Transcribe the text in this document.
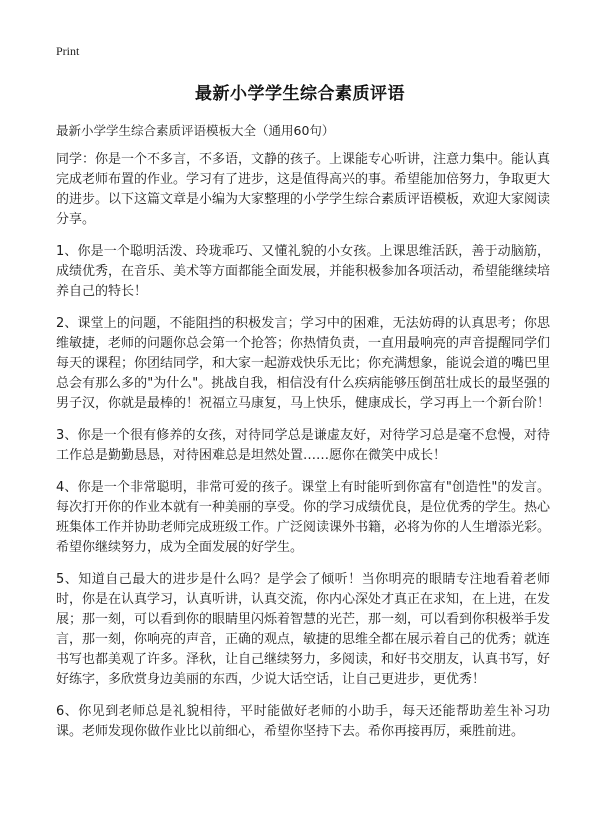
Print
最新小学学生综合素质评语
最新小学学生综合素质评语模板大全（通用60句）

同学：你是一个不多言，不多语，文静的孩子。上课能专心听讲，注意力集中。能认真完成老师布置的作业。学习有了进步，这是值得高兴的事。希望能加倍努力，争取更大的进步。以下这篇文章是小编为大家整理的小学学生综合素质评语模板，欢迎大家阅读分享。

1、你是一个聪明活泼、玲珑乖巧、又懂礼貌的小女孩。上课思维活跃，善于动脑筋，成绩优秀，在音乐、美术等方面都能全面发展，并能积极参加各项活动，希望能继续培养自己的特长！

2、课堂上的问题，不能阻挡的积极发言；学习中的困难，无法妨碍的认真思考；你思维敏捷，老师的问题你总会第一个抢答；你热情负责，一直用最响亮的声音提醒同学们每天的课程；你团结同学，和大家一起游戏快乐无比；你充满想象，能说会道的嘴巴里总会有那么多的"为什么"。挑战自我，相信没有什么疾病能够压倒茁壮成长的最坚强的男子汉，你就是最棒的！祝福立马康复，马上快乐，健康成长，学习再上一个新台阶！

3、你是一个很有修养的女孩，对待同学总是谦虚友好，对待学习总是毫不怠慢，对待工作总是勤勤恳恳，对待困难总是坦然处置……愿你在微笑中成长！

4、你是一个非常聪明，非常可爱的孩子。课堂上有时能听到你富有"创造性"的发言。每次打开你的作业本就有一种美丽的享受。你的学习成绩优良，是位优秀的学生。热心班集体工作并协助老师完成班级工作。广泛阅读课外书籍，必将为你的人生增添光彩。希望你继续努力，成为全面发展的好学生。

5、知道自己最大的进步是什么吗？是学会了倾听！当你明亮的眼睛专注地看着老师时，你是在认真学习，认真听讲，认真交流，你内心深处才真正在求知，在上进，在发展；那一刻，可以看到你的眼睛里闪烁着智慧的光芒，那一刻，可以看到你积极举手发言，那一刻，你响亮的声音，正确的观点，敏捷的思维全都在展示着自己的优秀；就连书写也都美观了许多。泽秋，让自己继续努力，多阅读，和好书交朋友，认真书写，好好练字，多欣赏身边美丽的东西，少说大话空话，让自己更进步，更优秀！

6、你见到老师总是礼貌相待，平时能做好老师的小助手，每天还能帮助差生补习功课。老师发现你做作业比以前细心，希望你坚持下去。希你再接再厉，乘胜前进。
